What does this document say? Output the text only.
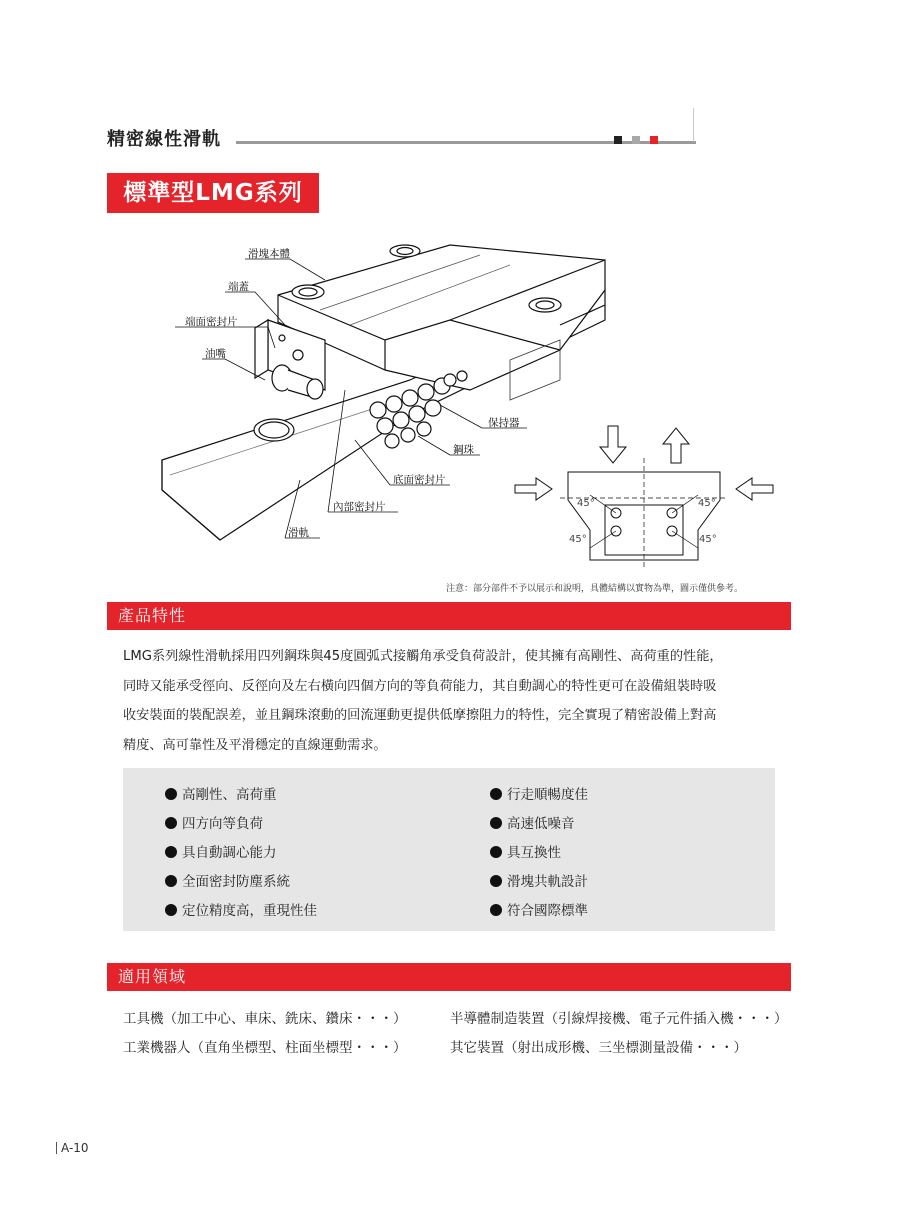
精密線性滑軌
標準型LMG系列
滑塊本體
端蓋
端面密封片
油嘴
保持器
鋼珠
底面密封片
內部密封片
滑軌
45°	45°
45°	45°
注意：部分部件不予以展示和說明，具體結構以實物為準，圖示僅供參考。
產品特性

LMG系列線性滑軌採用四列鋼珠與45度圓弧式接觸角承受負荷設計，使其擁有高剛性、高荷重的性能，

同時又能承受徑向、反徑向及左右橫向四個方向的等負荷能力，其自動調心的特性更可在設備組裝時吸

收安裝面的裝配誤差，並且鋼珠滾動的回流運動更提供低摩擦阻力的特性，完全實現了精密設備上對高

精度、高可靠性及平滑穩定的直線運動需求。

高剛性、高荷重
四方向等負荷
具自動調心能力
全面密封防塵系統
定位精度高，重現性佳
行走順暢度佳
高速低噪音
具互換性
滑塊共軌設計
符合國際標準
適用領域
工具機（加工中心、車床、銑床、鑽床・・・）	半導體制造裝置（引線焊接機、電子元件插入機・・・）
工業機器人（直角坐標型、柱面坐標型・・・）	其它裝置（射出成形機、三坐標測量設備・・・）
A-10
